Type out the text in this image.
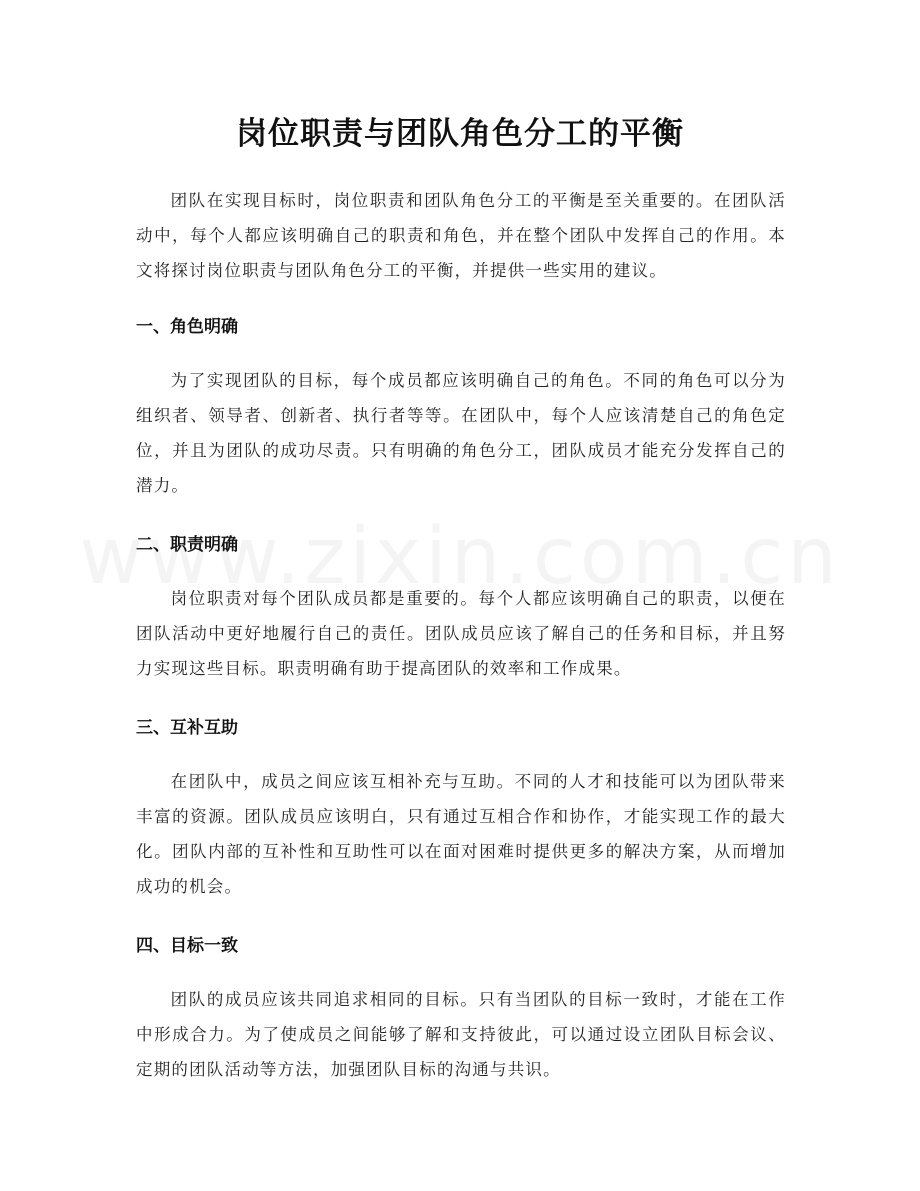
岗位职责与团队角色分工的平衡

团队在实现目标时，岗位职责和团队角色分工的平衡是至关重要的。在团队活动中，每个人都应该明确自己的职责和角色，并在整个团队中发挥自己的作用。本文将探讨岗位职责与团队角色分工的平衡，并提供一些实用的建议。

一、角色明确

为了实现团队的目标，每个成员都应该明确自己的角色。不同的角色可以分为组织者、领导者、创新者、执行者等等。在团队中，每个人应该清楚自己的角色定位，并且为团队的成功尽责。只有明确的角色分工，团队成员才能充分发挥自己的潜力。

二、职责明确

岗位职责对每个团队成员都是重要的。每个人都应该明确自己的职责，以便在团队活动中更好地履行自己的责任。团队成员应该了解自己的任务和目标，并且努力实现这些目标。职责明确有助于提高团队的效率和工作成果。

三、互补互助

在团队中，成员之间应该互相补充与互助。不同的人才和技能可以为团队带来丰富的资源。团队成员应该明白，只有通过互相合作和协作，才能实现工作的最大化。团队内部的互补性和互助性可以在面对困难时提供更多的解决方案，从而增加成功的机会。

四、目标一致

团队的成员应该共同追求相同的目标。只有当团队的目标一致时，才能在工作中形成合力。为了使成员之间能够了解和支持彼此，可以通过设立团队目标会议、定期的团队活动等方法，加强团队目标的沟通与共识。
